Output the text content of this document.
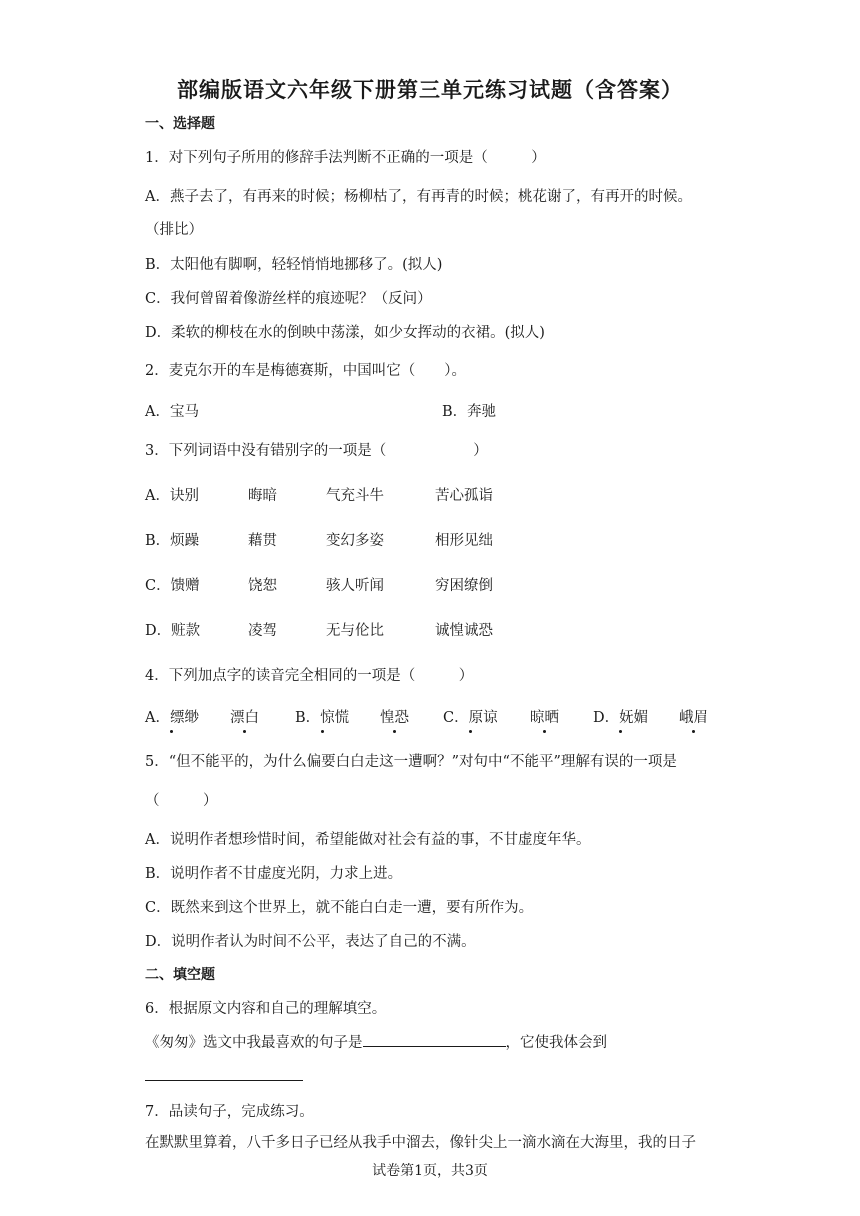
部编版语文六年级下册第三单元练习试题（含答案）
一、选择题
1．对下列句子所用的修辞手法判断不正确的一项是（　　　）
A．燕子去了，有再来的时候；杨柳枯了，有再青的时候；桃花谢了，有再开的时候。
（排比）
B．太阳他有脚啊，轻轻悄悄地挪移了。(拟人)
C．我何曾留着像游丝样的痕迹呢？（反问）
D．柔软的柳枝在水的倒映中荡漾，如少女挥动的衣裙。(拟人)
2．麦克尔开的车是梅德赛斯，中国叫它（　　）。
A．宝马	B．奔驰
3．下列词语中没有错别字的一项是（　　　　　　）
A．诀别	晦暗	气充斗牛	苦心孤诣
B．烦躁	藉贯	变幻多姿	相形见绌
C．馈赠	饶恕	骇人听闻	穷困缭倒
D．赃款	凌驾	无与伦比	诚惶诚恐
4．下列加点字的读音完全相同的一项是（　　　）
A．缥缈 漂白 B．惊慌 惶恐 C．原谅 晾晒 D．妩媚 峨眉
5．“但不能平的，为什么偏要白白走这一遭啊？”对句中“不能平”理解有误的一项是
（　　　）
A．说明作者想珍惜时间，希望能做对社会有益的事，不甘虚度年华。
B．说明作者不甘虚度光阴，力求上进。
C．既然来到这个世界上，就不能白白走一遭，要有所作为。
D．说明作者认为时间不公平，表达了自己的不满。
二、填空题
6．根据原文内容和自己的理解填空。
《匆匆》选文中我最喜欢的句子是	，它使我体会到
7．品读句子，完成练习。
在默默里算着，八千多日子已经从我手中溜去，像针尖上一滴水滴在大海里，我的日子
试卷第1页，共3页
